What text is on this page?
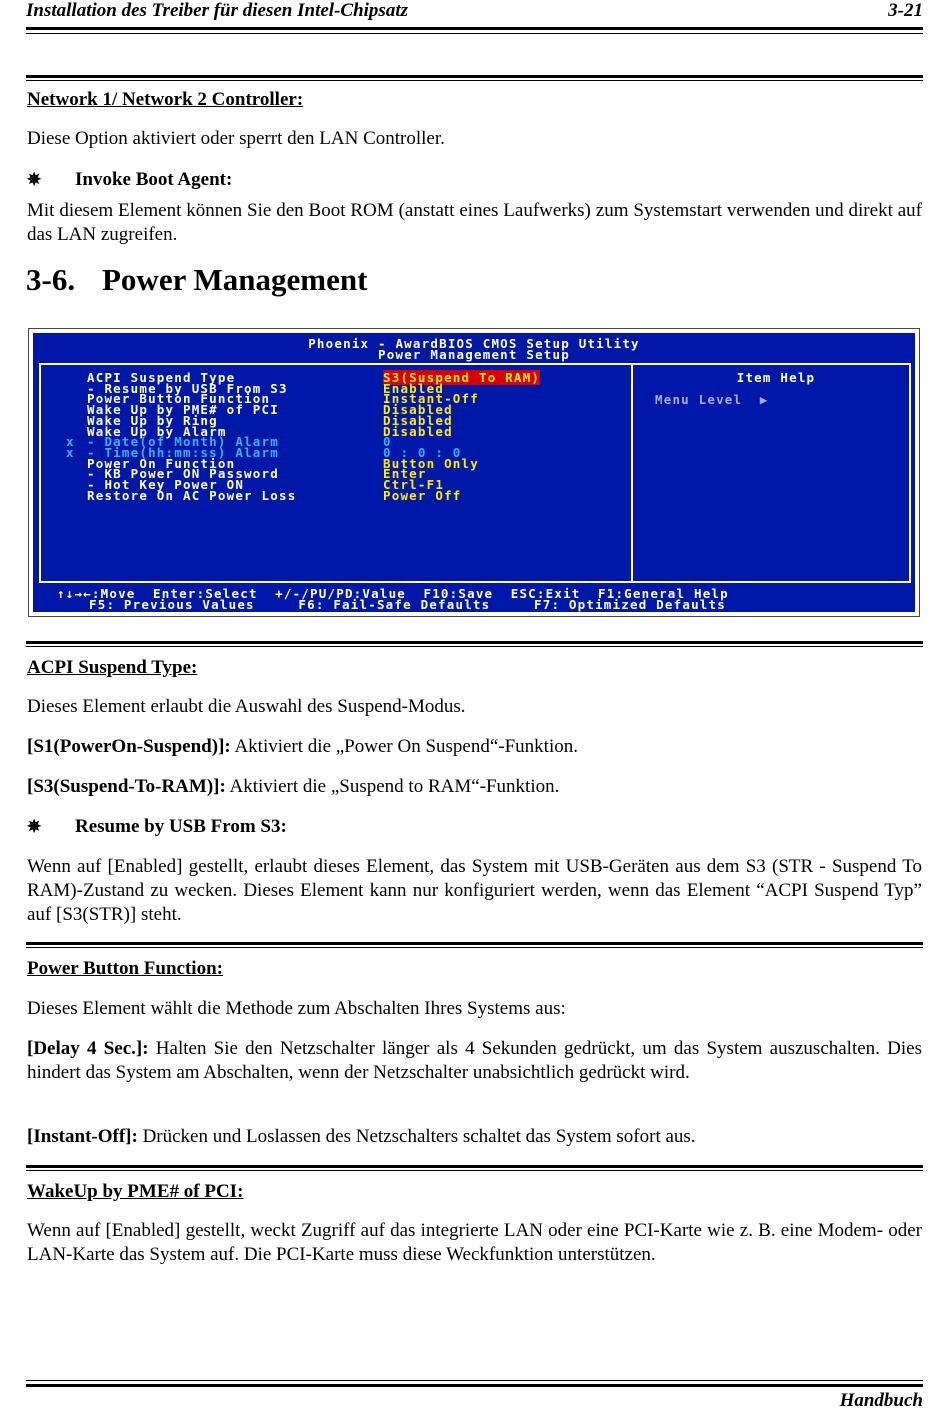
Installation des Treiber für diesen Intel-Chipsatz	3-21
Network 1/ Network 2 Controller:
Diese Option aktiviert oder sperrt den LAN Controller.
✵ Invoke Boot Agent:
Mit diesem Element können Sie den Boot ROM (anstatt eines Laufwerks) zum Systemstart verwenden und direkt auf das LAN zugreifen.
3-6. Power Management
Phoenix - AwardBIOS CMOS Setup Utility
Power Management Setup

x
x

ACPI Suspend Type
- Resume by USB From S3
Power Button Function
Wake Up by PME# of PCI
Wake Up by Ring
Wake Up by Alarm
- Date(of Month) Alarm
- Time(hh:mm:ss) Alarm
Power On Function
- KB Power ON Password
- Hot Key Power ON
Restore On AC Power Loss
S3(Suspend To RAM)
Enabled
Instant-Off
Disabled
Disabled
Disabled
0
0 : 0 : 0
Button Only
Enter
Ctrl-F1
Power Off

Item Help

Menu Level ▶

↑↓→←:Move  Enter:Select  +/-/PU/PD:Value  F10:Save  ESC:Exit  F1:General Help
F5: Previous Values     F6: Fail-Safe Defaults     F7: Optimized Defaults
ACPI Suspend Type:
Dieses Element erlaubt die Auswahl des Suspend-Modus.
[S1(PowerOn-Suspend)]: Aktiviert die „Power On Suspend“-Funktion.
[S3(Suspend-To-RAM)]: Aktiviert die „Suspend to RAM“-Funktion.
✵ Resume by USB From S3:
Wenn auf [Enabled] gestellt, erlaubt dieses Element, das System mit USB-Geräten aus dem S3 (STR - Suspend To RAM)-Zustand zu wecken. Dieses Element kann nur konfiguriert werden, wenn das Element “ACPI Suspend Typ” auf [S3(STR)] steht.
Power Button Function:
Dieses Element wählt die Methode zum Abschalten Ihres Systems aus:
[Delay 4 Sec.]: Halten Sie den Netzschalter länger als 4 Sekunden gedrückt, um das System auszuschalten. Dies hindert das System am Abschalten, wenn der Netzschalter unabsichtlich gedrückt wird.
[Instant-Off]: Drücken und Loslassen des Netzschalters schaltet das System sofort aus.
WakeUp by PME# of PCI:
Wenn auf [Enabled] gestellt, weckt Zugriff auf das integrierte LAN oder eine PCI-Karte wie z. B. eine Modem- oder LAN-Karte das System auf. Die PCI-Karte muss diese Weckfunktion unterstützen.
Handbuch
